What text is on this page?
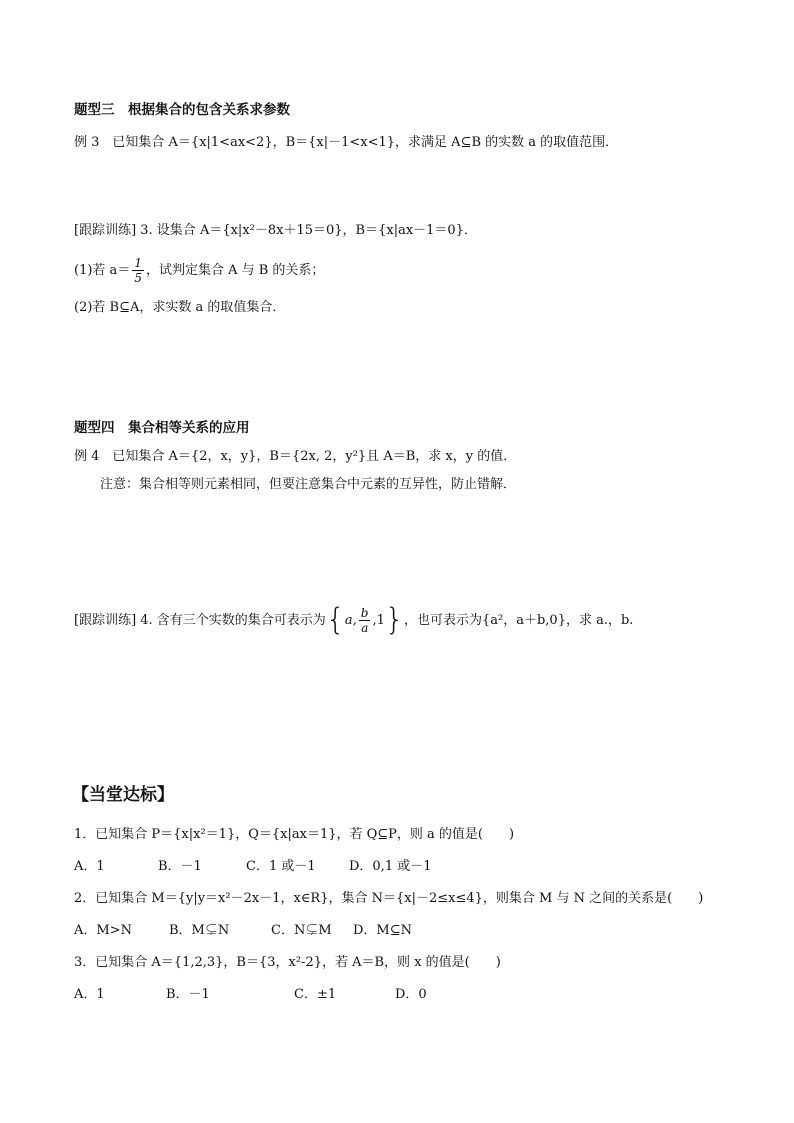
题型三　根据集合的包含关系求参数
例 3　已知集合 A＝{x|1<ax<2}，B＝{x|－1<x<1}，求满足 A⊆B 的实数 a 的取值范围．
[跟踪训练] 3. 设集合 A＝{x|x²－8x＋15＝0}，B＝{x|ax－1＝0}．
(1)若 $a= \frac{1}{5}$ ，试判定集合 A 与 B 的关系；
(2)若 B⊆A，求实数 a 的取值集合．
题型四　集合相等关系的应用
例 4　已知集合 A＝{2，x，y}，B＝{2x, 2，y²}且 A＝B，求 x，y 的值．
注意：集合相等则元素相同，但要注意集合中元素的互异性，防止错解．
[跟踪训练] 4. 含有三个实数的集合可表示为{a, $\frac{b}{a} ,1$}，也可表示为{a²，a＋b,0}，求 a.，b.
【当堂达标】
1．已知集合 P＝{x|x²＝1}，Q＝{x|ax＝1}，若 Q⊆P，则 a 的值是(　　)
A．1	B．－1	C．1 或－1	D．0,1 或－1
2．已知集合 M＝{y|y＝x²－2x－1，x∈R}，集合 N＝{x|－2≤x≤4}，则集合 M 与 N 之间的关系是(　　)
A．M>N	B．M⊊N	C．N⊊M D．M⊆N
3．已知集合 A＝{1,2,3}，B＝{3，x²-2}，若 A＝B，则 x 的值是(　　)
A．1	B．－1	C．±1	D．0
